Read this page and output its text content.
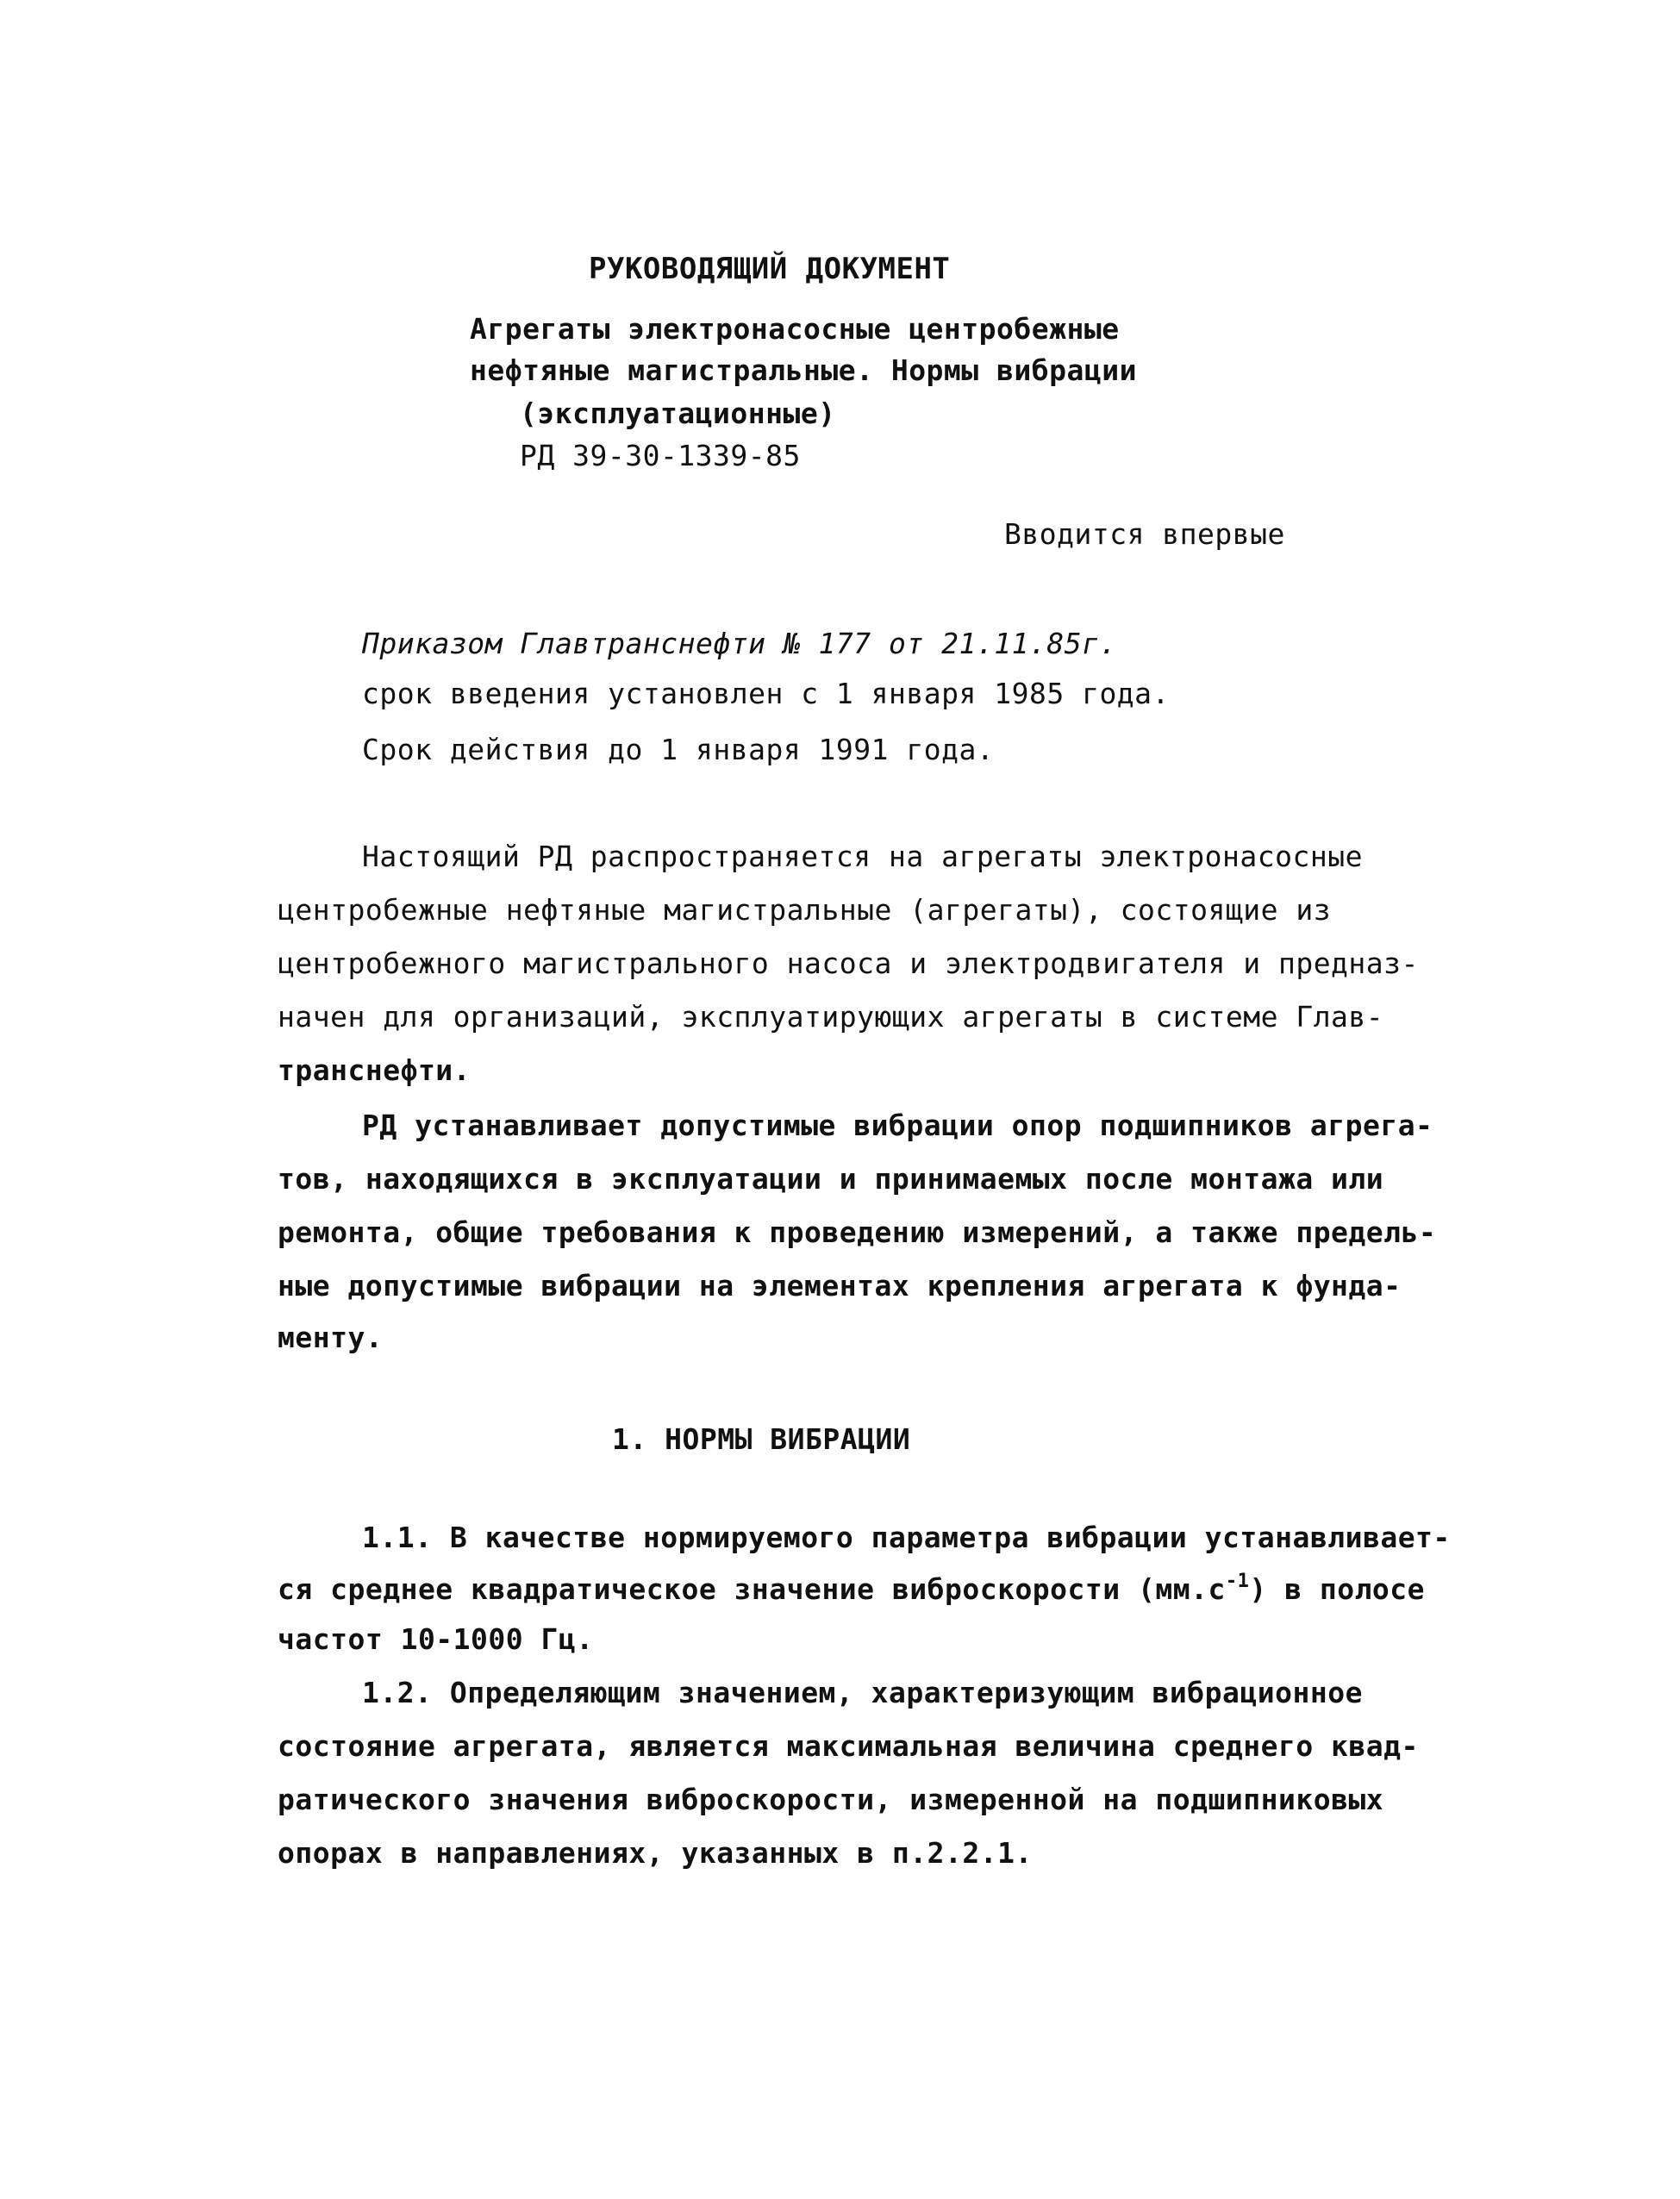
РУКОВОДЯЩИЙ ДОКУМЕНТ
Агрегаты электронасосные центробежные
нефтяные магистральные. Нормы вибрации
(эксплуатационные)
РД 39-30-1339-85
Вводится впервые
Приказом Главтранснефти № 177 от 21.11.85г.
срок введения установлен с 1 января 1985 года.
Срок действия до 1 января 1991 года.
Настоящий РД распространяется на агрегаты электронасосные
центробежные нефтяные магистральные (агрегаты), состоящие из
центробежного магистрального насоса и электродвигателя и предназ-
начен для организаций, эксплуатирующих агрегаты в системе Глав-
транснефти.
РД устанавливает допустимые вибрации опор подшипников агрега-
тов, находящихся в эксплуатации и принимаемых после монтажа или
ремонта, общие требования к проведению измерений, а также предель-
ные допустимые вибрации на элементах крепления агрегата к фунда-
менту.
1. НОРМЫ ВИБРАЦИИ
1.1. В качестве нормируемого параметра вибрации устанавливает-
ся среднее квадратическое значение виброскорости $(мм.с^{-1})$ в полосе
частот 10-1000 Гц.
1.2. Определяющим значением, характеризующим вибрационное
состояние агрегата, является максимальная величина среднего квад-
ратического значения виброскорости, измеренной на подшипниковых
опорах в направлениях, указанных в п.2.2.1.
